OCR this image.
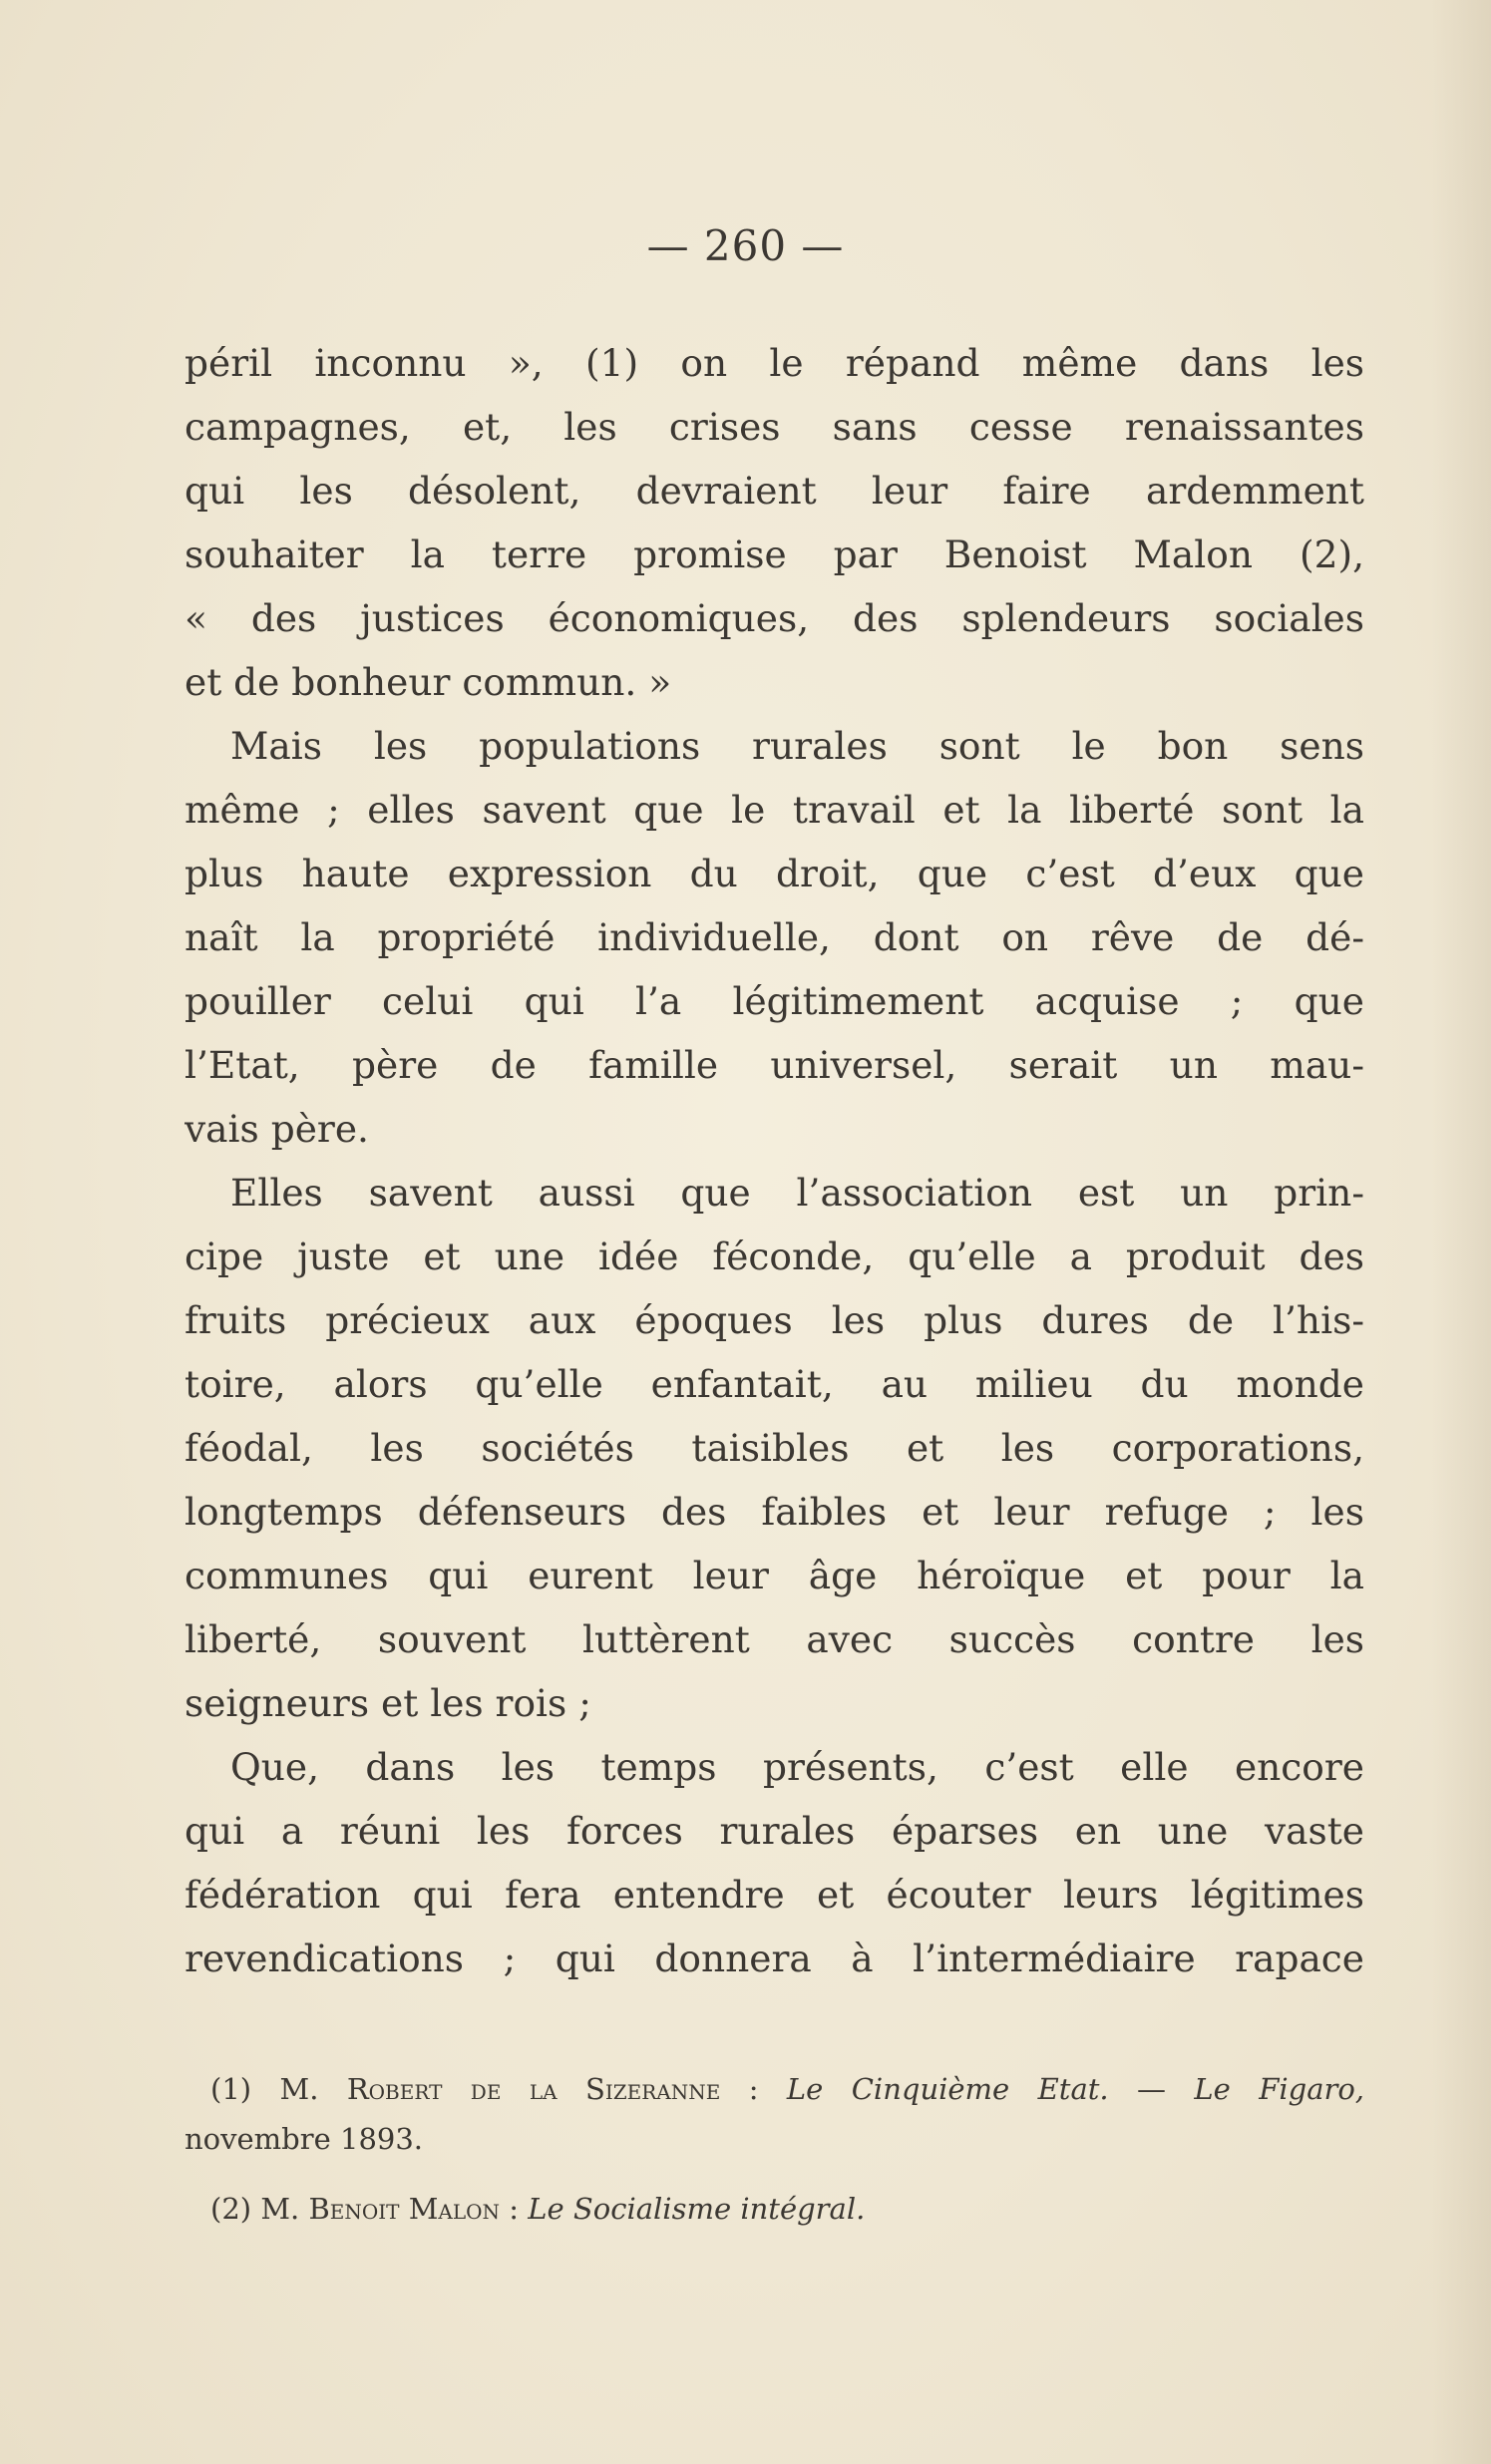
— 260 —
péril inconnu », (1) on le répand même dans les
campagnes, et, les crises sans cesse renaissantes
qui les désolent, devraient leur faire ardemment
souhaiter la terre promise par Benoist Malon (2),
« des justices économiques, des splendeurs sociales
et de bonheur commun. »
Mais les populations rurales sont le bon sens
même ; elles savent que le travail et la liberté sont la
plus haute expression du droit, que c’est d’eux que
naît la propriété individuelle, dont on rêve de dé-
pouiller celui qui l’a légitimement acquise ; que
l’Etat, père de famille universel, serait un mau-
vais père.
Elles savent aussi que l’association est un prin-
cipe juste et une idée féconde, qu’elle a produit des
fruits précieux aux époques les plus dures de l’his-
toire, alors qu’elle enfantait, au milieu du monde
féodal, les sociétés taisibles et les corporations,
longtemps défenseurs des faibles et leur refuge ; les
communes qui eurent leur âge héroïque et pour la
liberté, souvent luttèrent avec succès contre les
seigneurs et les rois ;
Que, dans les temps présents, c’est elle encore
qui a réuni les forces rurales éparses en une vaste
fédération qui fera entendre et écouter leurs légitimes
revendications ; qui donnera à l’intermédiaire rapace
(1) M. Robert de la Sizeranne : Le Cinquième Etat. — Le Figaro,
novembre 1893.
(2) M. Benoit Malon : Le Socialisme intégral.
